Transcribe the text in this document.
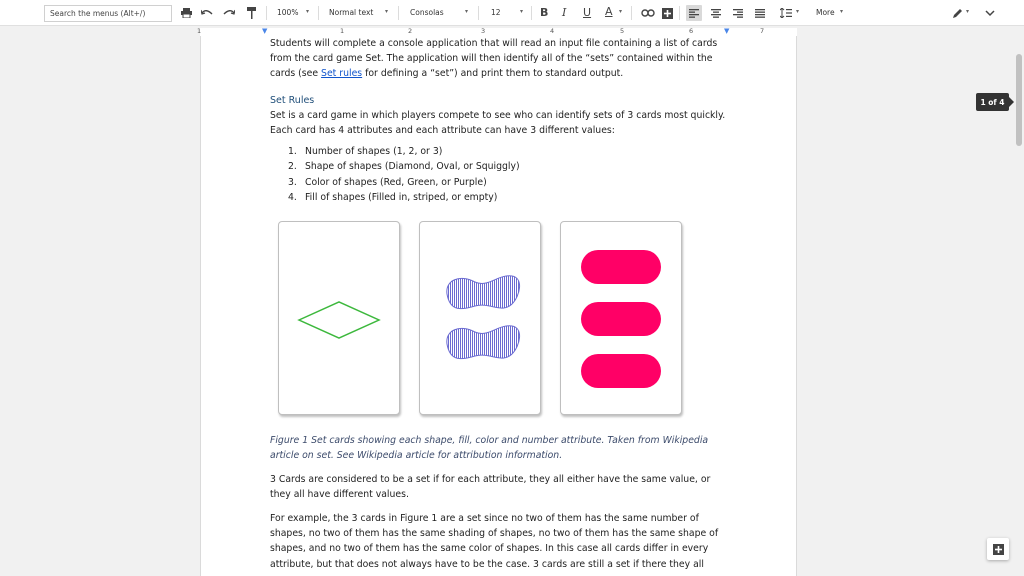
Search the menus (Alt+/)	100% ▾	Normal text ▾	Consolas	▾	12	▾ B I U A ▾	▾ More ▾	▾
1	▼	1	2	3	4	5	6	▼	7

Students will complete a console application that will read an input file containing a list of cards from the card game Set. The application will then identify all of the “sets” contained within the cards (see Set rules for defining a “set”) and print them to standard output.

Set Rules

Set is a card game in which players compete to see who can identify sets of 3 cards most quickly. Each card has 4 attributes and each attribute can have 3 different values:

1. Number of shapes (1, 2, or 3)
2. Shape of shapes (Diamond, Oval, or Squiggly)
3. Color of shapes (Red, Green, or Purple)
4. Fill of shapes (Filled in, striped, or empty)

Figure 1 Set cards showing each shape, fill, color and number attribute. Taken from Wikipedia article on set. See Wikipedia article for attribution information.

3 Cards are considered to be a set if for each attribute, they all either have the same value, or they all have different values.

For example, the 3 cards in Figure 1 are a set since no two of them has the same number of shapes, no two of them has the same shading of shapes, no two of them has the same shape of shapes, and no two of them has the same color of shapes. In this case all cards differ in every attribute, but that does not always have to be the case. 3 cards are still a set if there they all

1 of 4
